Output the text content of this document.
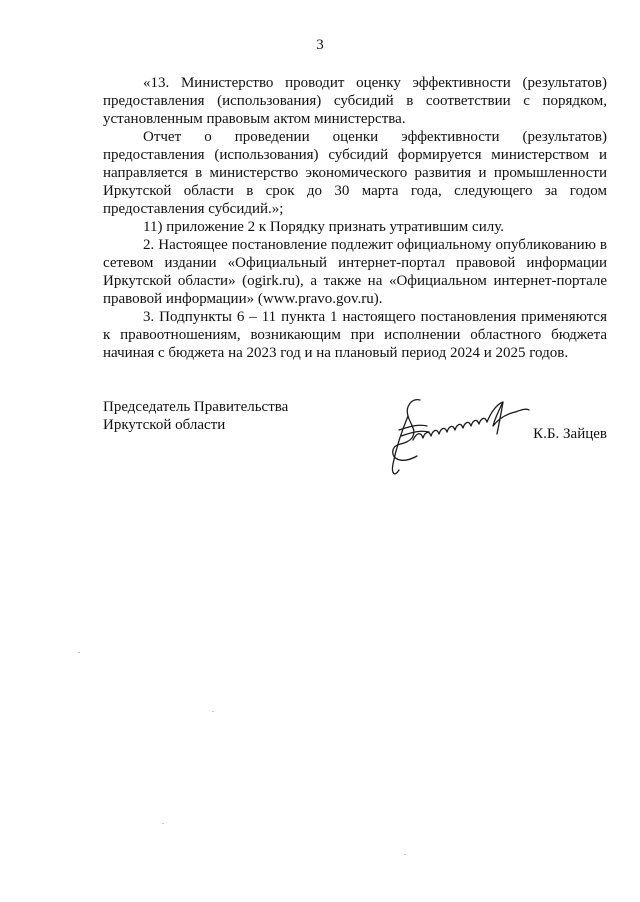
3

«13. Министерство проводит оценку эффективности (результатов) предоставления (использования) субсидий в соответствии с порядком, установленным правовым актом министерства.

Отчет о проведении оценки эффективности (результатов) предоставления (использования) субсидий формируется министерством и направляется в министерство экономического развития и промышленности Иркутской области в срок до 30 марта года, следующего за годом предоставления субсидий.»;

11) приложение 2 к Порядку признать утратившим силу.

2. Настоящее постановление подлежит официальному опубликованию в сетевом издании «Официальный интернет-портал правовой информации Иркутской области» (ogirk.ru), а также на «Официальном интернет-портале правовой информации» (www.pravo.gov.ru).

3. Подпункты 6 – 11 пункта 1 настоящего постановления применяются к правоотношениям, возникающим при исполнении областного бюджета начиная с бюджета на 2023 год и на плановый период 2024 и 2025 годов.

Председатель Правительства
Иркутской области
К.Б. Зайцев
